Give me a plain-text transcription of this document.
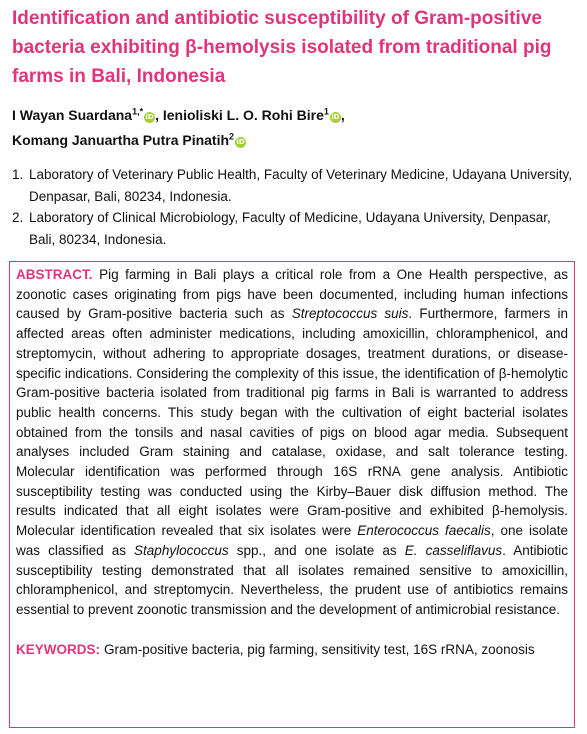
Identification and antibiotic susceptibility of Gram-positive bacteria exhibiting β-hemolysis isolated from traditional pig farms in Bali, Indonesia
I Wayan Suardana$^{1,*}$iD, Ienioliski L. O. Rohi Bire$^1$iD,
Komang Januartha Putra Pinatih$^2$iD
1. Laboratory of Veterinary Public Health, Faculty of Veterinary Medicine, Udayana University, Denpasar, Bali, 80234, Indonesia.
2. Laboratory of Clinical Microbiology, Faculty of Medicine, Udayana University, Denpasar, Bali, 80234, Indonesia.

ABSTRACT. Pig farming in Bali plays a critical role from a One Health perspective, as zoonotic cases originating from pigs have been documented, including human infections caused by Gram-positive bacteria such as Streptococcus suis. Furthermore, farmers in affected areas often administer medications, including amoxicillin, chloramphenicol, and streptomycin, without adhering to appropriate dosages, treatment durations, or disease-specific indications. Considering the complexity of this issue, the identification of β-hemolytic Gram-positive bacteria isolated from traditional pig farms in Bali is warranted to address public health concerns. This study began with the cultivation of eight bacterial isolates obtained from the tonsils and nasal cavities of pigs on blood agar media. Subsequent analyses included Gram staining and catalase, oxidase, and salt tolerance testing. Molecular identification was performed through 16S rRNA gene analysis. Antibiotic susceptibility testing was conducted using the Kirby–Bauer disk diffusion method. The results indicated that all eight isolates were Gram-positive and exhibited β-hemolysis. Molecular identification revealed that six isolates were Enterococcus faecalis, one isolate was classified as Staphylococcus spp., and one isolate as E. casseliflavus. Antibiotic susceptibility testing demonstrated that all isolates remained sensitive to amoxicillin, chloramphenicol, and streptomycin. Nevertheless, the prudent use of antibiotics remains essential to prevent zoonotic transmission and the development of antimicrobial resistance.

KEYWORDS: Gram-positive bacteria, pig farming, sensitivity test, 16S rRNA, zoonosis
